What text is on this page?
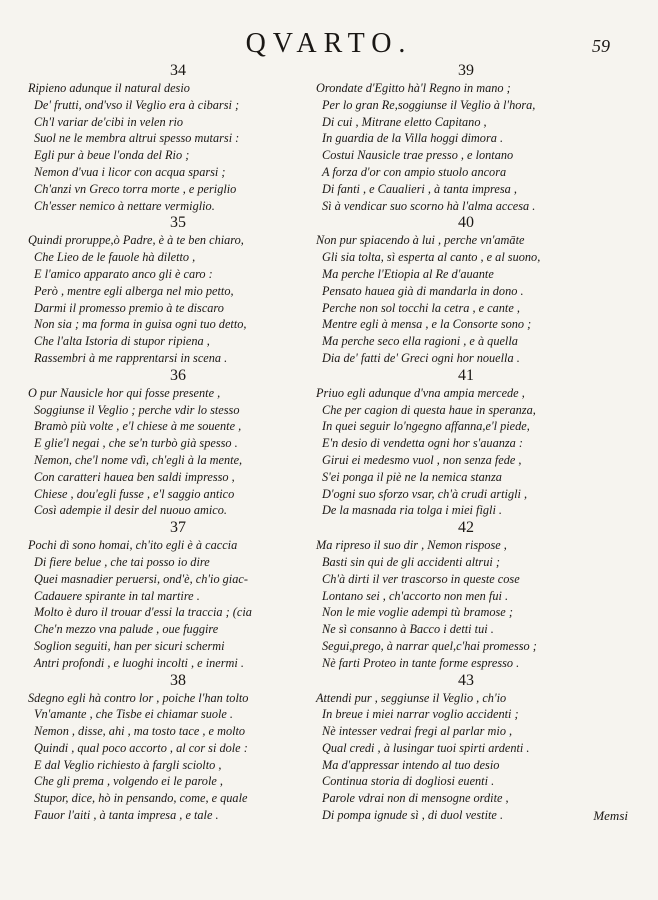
QVARTO.	59
34
Ripieno adunque il natural desio
De' frutti, ond'vso il Veglio era à cibarsi ;
Ch'l variar de'cibi in velen rio
Suol ne le membra altrui spesso mutarsi :
Egli pur à beue l'onda del Rio ;
Nemon d'vua i licor con acqua sparsi ;
Ch'anzi vn Greco torra morte , e periglio
Ch'esser nemico à nettare vermiglio.
35
Quindi proruppe,ò Padre, è à te ben chiaro,
Che Lieo de le fauole hà diletto ,
E l'amico apparato anco gli è caro :
Però , mentre egli alberga nel mio petto,
Darmi il promesso premio à te discaro
Non sia ; ma forma in guisa ogni tuo detto,
Che l'alta Istoria di stupor ripiena ,
Rassembri à me rapprentarsi in scena .
36
O pur Nausicle hor qui fosse presente ,
Soggiunse il Veglio ; perche vdir lo stesso
Bramò più volte , e'l chiese à me souente ,
E glie'l negai , che se'n turbò già spesso .
Nemon, che'l nome vdì, ch'egli à la mente,
Con caratteri hauea ben saldi impresso ,
Chiese , dou'egli fusse , e'l saggio antico
Così adempie il desir del nuouo amico.
37
Pochi dì sono homai, ch'ito egli è à caccia
Di fiere belue , che tai posso io dire
Quei masnadier peruersi, ond'è, ch'io giac-
Cadauere spirante in tal martire .
Molto è duro il trouar d'essi la traccia ; (cia
Che'n mezzo vna palude , oue fuggire
Soglion seguiti, han per sicuri schermi
Antri profondi , e luoghi incolti , e inermi .
38
Sdegno egli hà contro lor , poiche l'han tolto
Vn'amante , che Tisbe ei chiamar suole .
Nemon , disse, ahi , ma tosto tace , e molto
Quindi , qual poco accorto , al cor si dole :
E dal Veglio richiesto à fargli sciolto ,
Che gli prema , volgendo ei le parole ,
Stupor, dice, hò in pensando, come, e quale
Fauor l'aiti , à tanta impresa , e tale .
39
Orondate d'Egitto hà'l Regno in mano ;
Per lo gran Re,soggiunse il Veglio à l'hora,
Di cui , Mitrane eletto Capitano ,
In guardia de la Villa hoggi dimora .
Costui Nausicle trae presso , e lontano
A forza d'or con ampio stuolo ancora
Di fanti , e Caualieri , à tanta impresa ,
Sì à vendicar suo scorno hà l'alma accesa .
40
Non pur spiacendo à lui , perche vn'amāte
Gli sia tolta, sì esperta al canto , e al suono,
Ma perche l'Etiopia al Re d'auante
Pensato hauea già di mandarla in dono .
Perche non sol tocchi la cetra , e cante ,
Mentre egli à mensa , e la Consorte sono ;
Ma perche seco ella ragioni , e à quella
Dia de' fatti de' Greci ogni hor nouella .
41
Priuo egli adunque d'vna ampia mercede ,
Che per cagion di questa haue in speranza,
In quei seguir lo'ngegno affanna,e'l piede,
E'n desio di vendetta ogni hor s'auanza :
Girui ei medesmo vuol , non senza fede ,
S'ei ponga il piè ne la nemica stanza
D'ogni suo sforzo vsar, ch'à crudi artigli ,
De la masnada ria tolga i miei figli .
42
Ma ripreso il suo dir , Nemon rispose ,
Basti sin qui de gli accidenti altrui ;
Ch'à dirti il ver trascorso in queste cose
Lontano sei , ch'accorto non men fui .
Non le mie voglie adempi tù bramose ;
Ne sì consanno à Bacco i detti tui .
Segui,prego, à narrar quel,c'hai promesso ;
Nè farti Proteo in tante forme espresso .
43
Attendi pur , seggiunse il Veglio , ch'io
In breue i miei narrar voglio accidenti ;
Nè intesser vedrai fregi al parlar mio ,
Qual credi , à lusingar tuoi spirti ardenti .
Ma d'appressar intendo al tuo desio
Continua storia di dogliosi euenti .
Parole vdrai non di mensogne ordite ,
Di pompa ignude sì , di duol vestite .	Memsi
